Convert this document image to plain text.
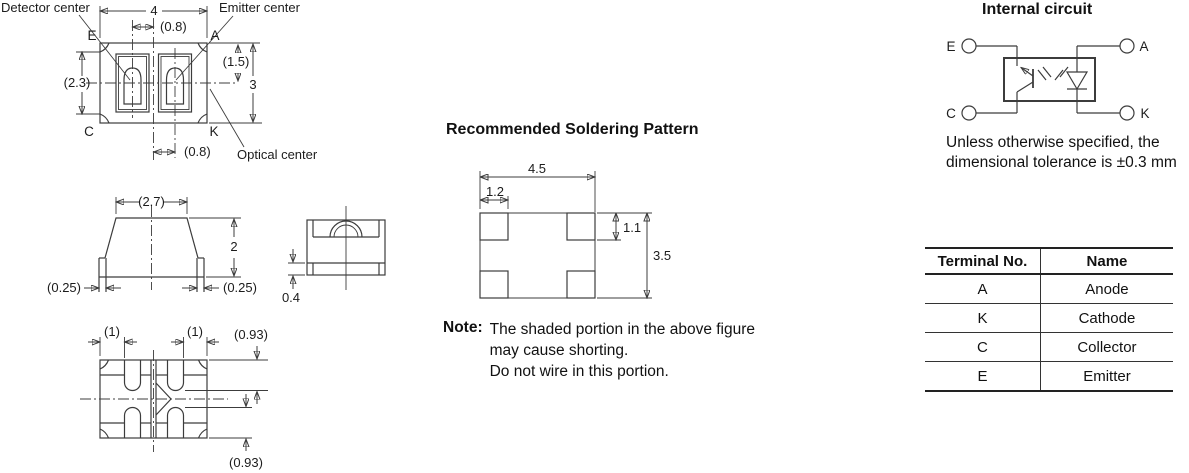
4
(0.8)
(2.3)
(1.5)
3
(0.8)
E	A
C	K
Detector center	Emitter center
Optical center
(2.7)
2
(0.25)	(0.25)
0.4
(1)	(1) (0.93)
(0.93)
4.5
1.2
1.1
3.5
E	A
C	K
Recommended Soldering Pattern
Note: The shaded portion in the above figure
may cause shorting.
Do not wire in this portion.
Internal circuit
Unless otherwise specified, the
dimensional tolerance is ±0.3 mm
Terminal No.	Name
A	Anode
K	Cathode
C	Collector
E	Emitter
